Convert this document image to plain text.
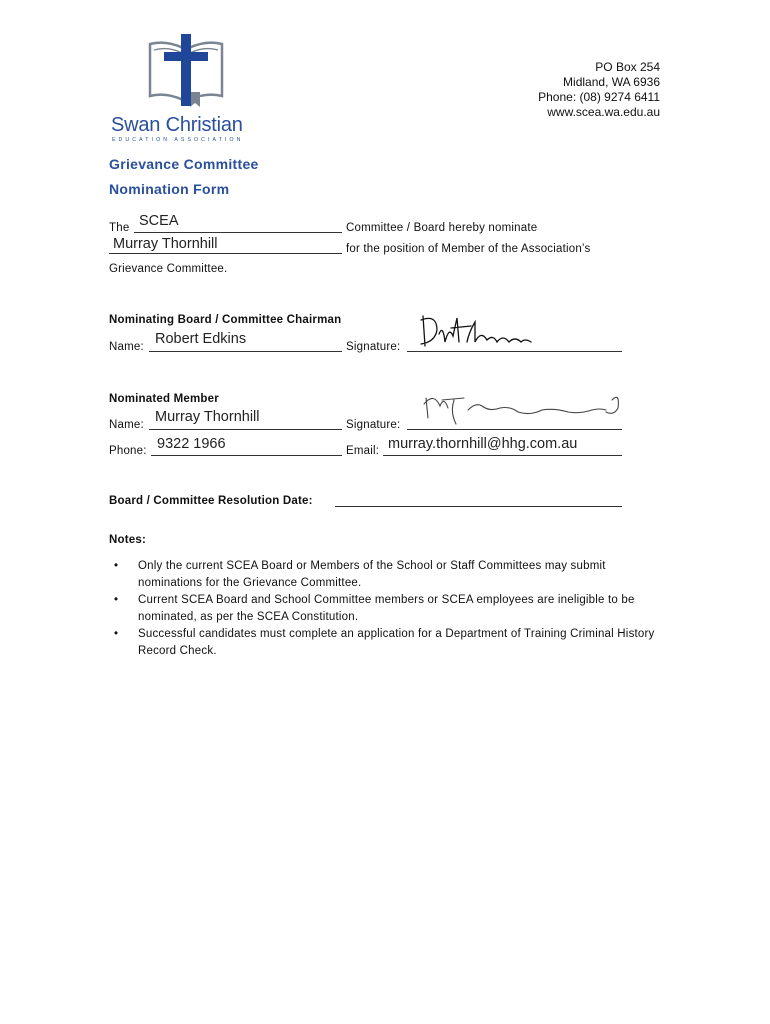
Swan Christian
EDUCATION ASSOCIATION
PO Box 254
Midland, WA 6936
Phone: (08) 9274 6411
www.scea.wa.edu.au
Grievance Committee
Nomination Form
The SCEA	Committee / Board hereby nominate
Murray Thornhill	for the position of Member of the Association’s
Grievance Committee.
Nominating Board / Committee Chairman
Name: Robert Edkins	Signature:
Nominated Member
Name: Murray Thornhill	Signature:
Phone: 9322 1966	Email: murray.thornhill@hhg.com.au
Board / Committee Resolution Date:
Notes:
• Only the current SCEA Board or Members of the School or Staff Committees may submit nominations for the Grievance Committee.
• Current SCEA Board and School Committee members or SCEA employees are ineligible to be nominated, as per the SCEA Constitution.
• Successful candidates must complete an application for a Department of Training Criminal History Record Check.
